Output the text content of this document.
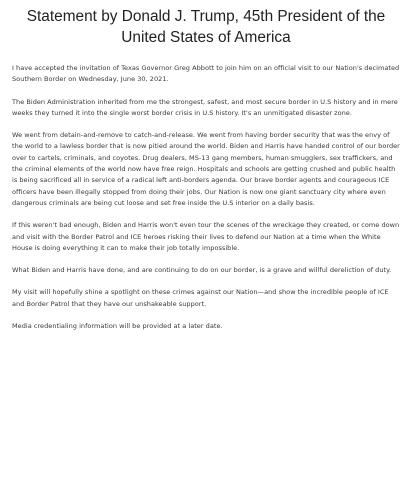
Statement by Donald J. Trump, 45th President of the United States of America

I have accepted the invitation of Texas Governor Greg Abbott to join him on an official visit to our Nation's decimated Southern Border on Wednesday, June 30, 2021.

The Biden Administration inherited from me the strongest, safest, and most secure border in U.S history and in mere weeks they turned it into the single worst border crisis in U.S history. It's an unmitigated disaster zone.

We went from detain-and-remove to catch-and-release. We went from having border security that was the envy of the world to a lawless border that is now pitied around the world. Biden and Harris have handed control of our border over to cartels, criminals, and coyotes. Drug dealers, MS-13 gang members, human smugglers, sex traffickers, and the criminal elements of the world now have free reign. Hospitals and schools are getting crushed and public health is being sacrificed all in service of a radical left anti-borders agenda. Our brave border agents and courageous ICE officers have been illegally stopped from doing their jobs. Our Nation is now one giant sanctuary city where even dangerous criminals are being cut loose and set free inside the U.S interior on a daily basis.

If this weren't bad enough, Biden and Harris won't even tour the scenes of the wreckage they created, or come down and visit with the Border Patrol and ICE heroes risking their lives to defend our Nation at a time when the White House is doing everything it can to make their job totally impossible.

What Biden and Harris have done, and are continuing to do on our border, is a grave and willful dereliction of duty.

My visit will hopefully shine a spotlight on these crimes against our Nation—and show the incredible people of ICE and Border Patrol that they have our unshakeable support.

Media credentialing information will be provided at a later date.
